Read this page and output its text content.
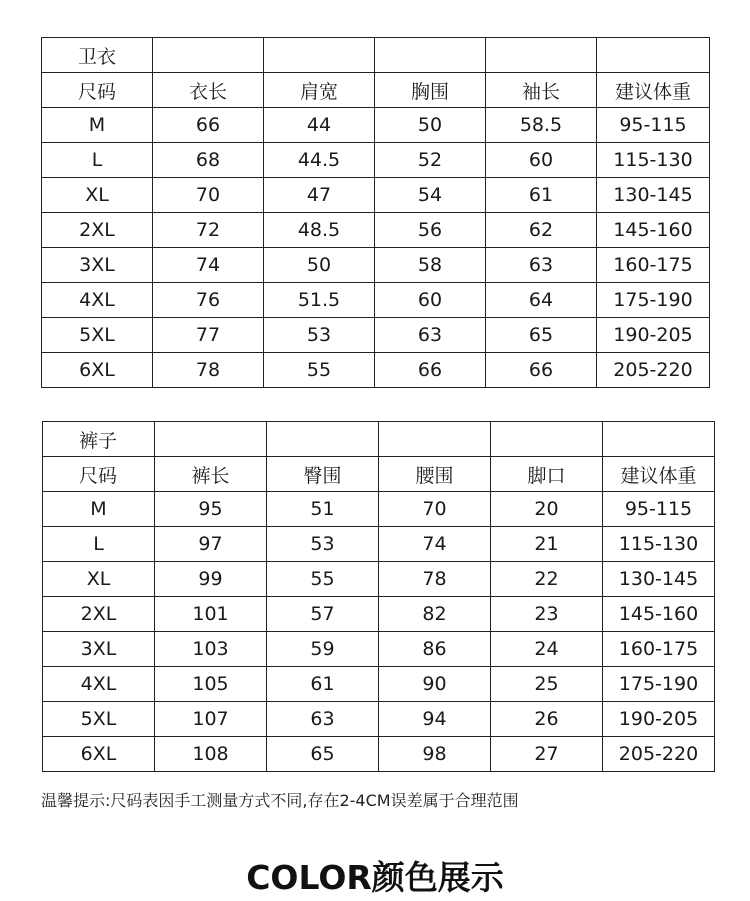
卫衣					
尺码	衣长	肩宽	胸围	袖长	建议体重
M	66	44	50	58.5	95-115
L	68	44.5	52	60	115-130
XL	70	47	54	61	130-145
2XL	72	48.5	56	62	145-160
3XL	74	50	58	63	160-175
4XL	76	51.5	60	64	175-190
5XL	77	53	63	65	190-205
6XL	78	55	66	66	205-220
裤子					
尺码	裤长	臀围	腰围	脚口	建议体重
M	95	51	70	20	95-115
L	97	53	74	21	115-130
XL	99	55	78	22	130-145
2XL	101	57	82	23	145-160
3XL	103	59	86	24	160-175
4XL	105	61	90	25	175-190
5XL	107	63	94	26	190-205
6XL	108	65	98	27	205-220
温馨提示:尺码表因手工测量方式不同,存在2-4CM误差属于合理范围
COLOR颜色展示
